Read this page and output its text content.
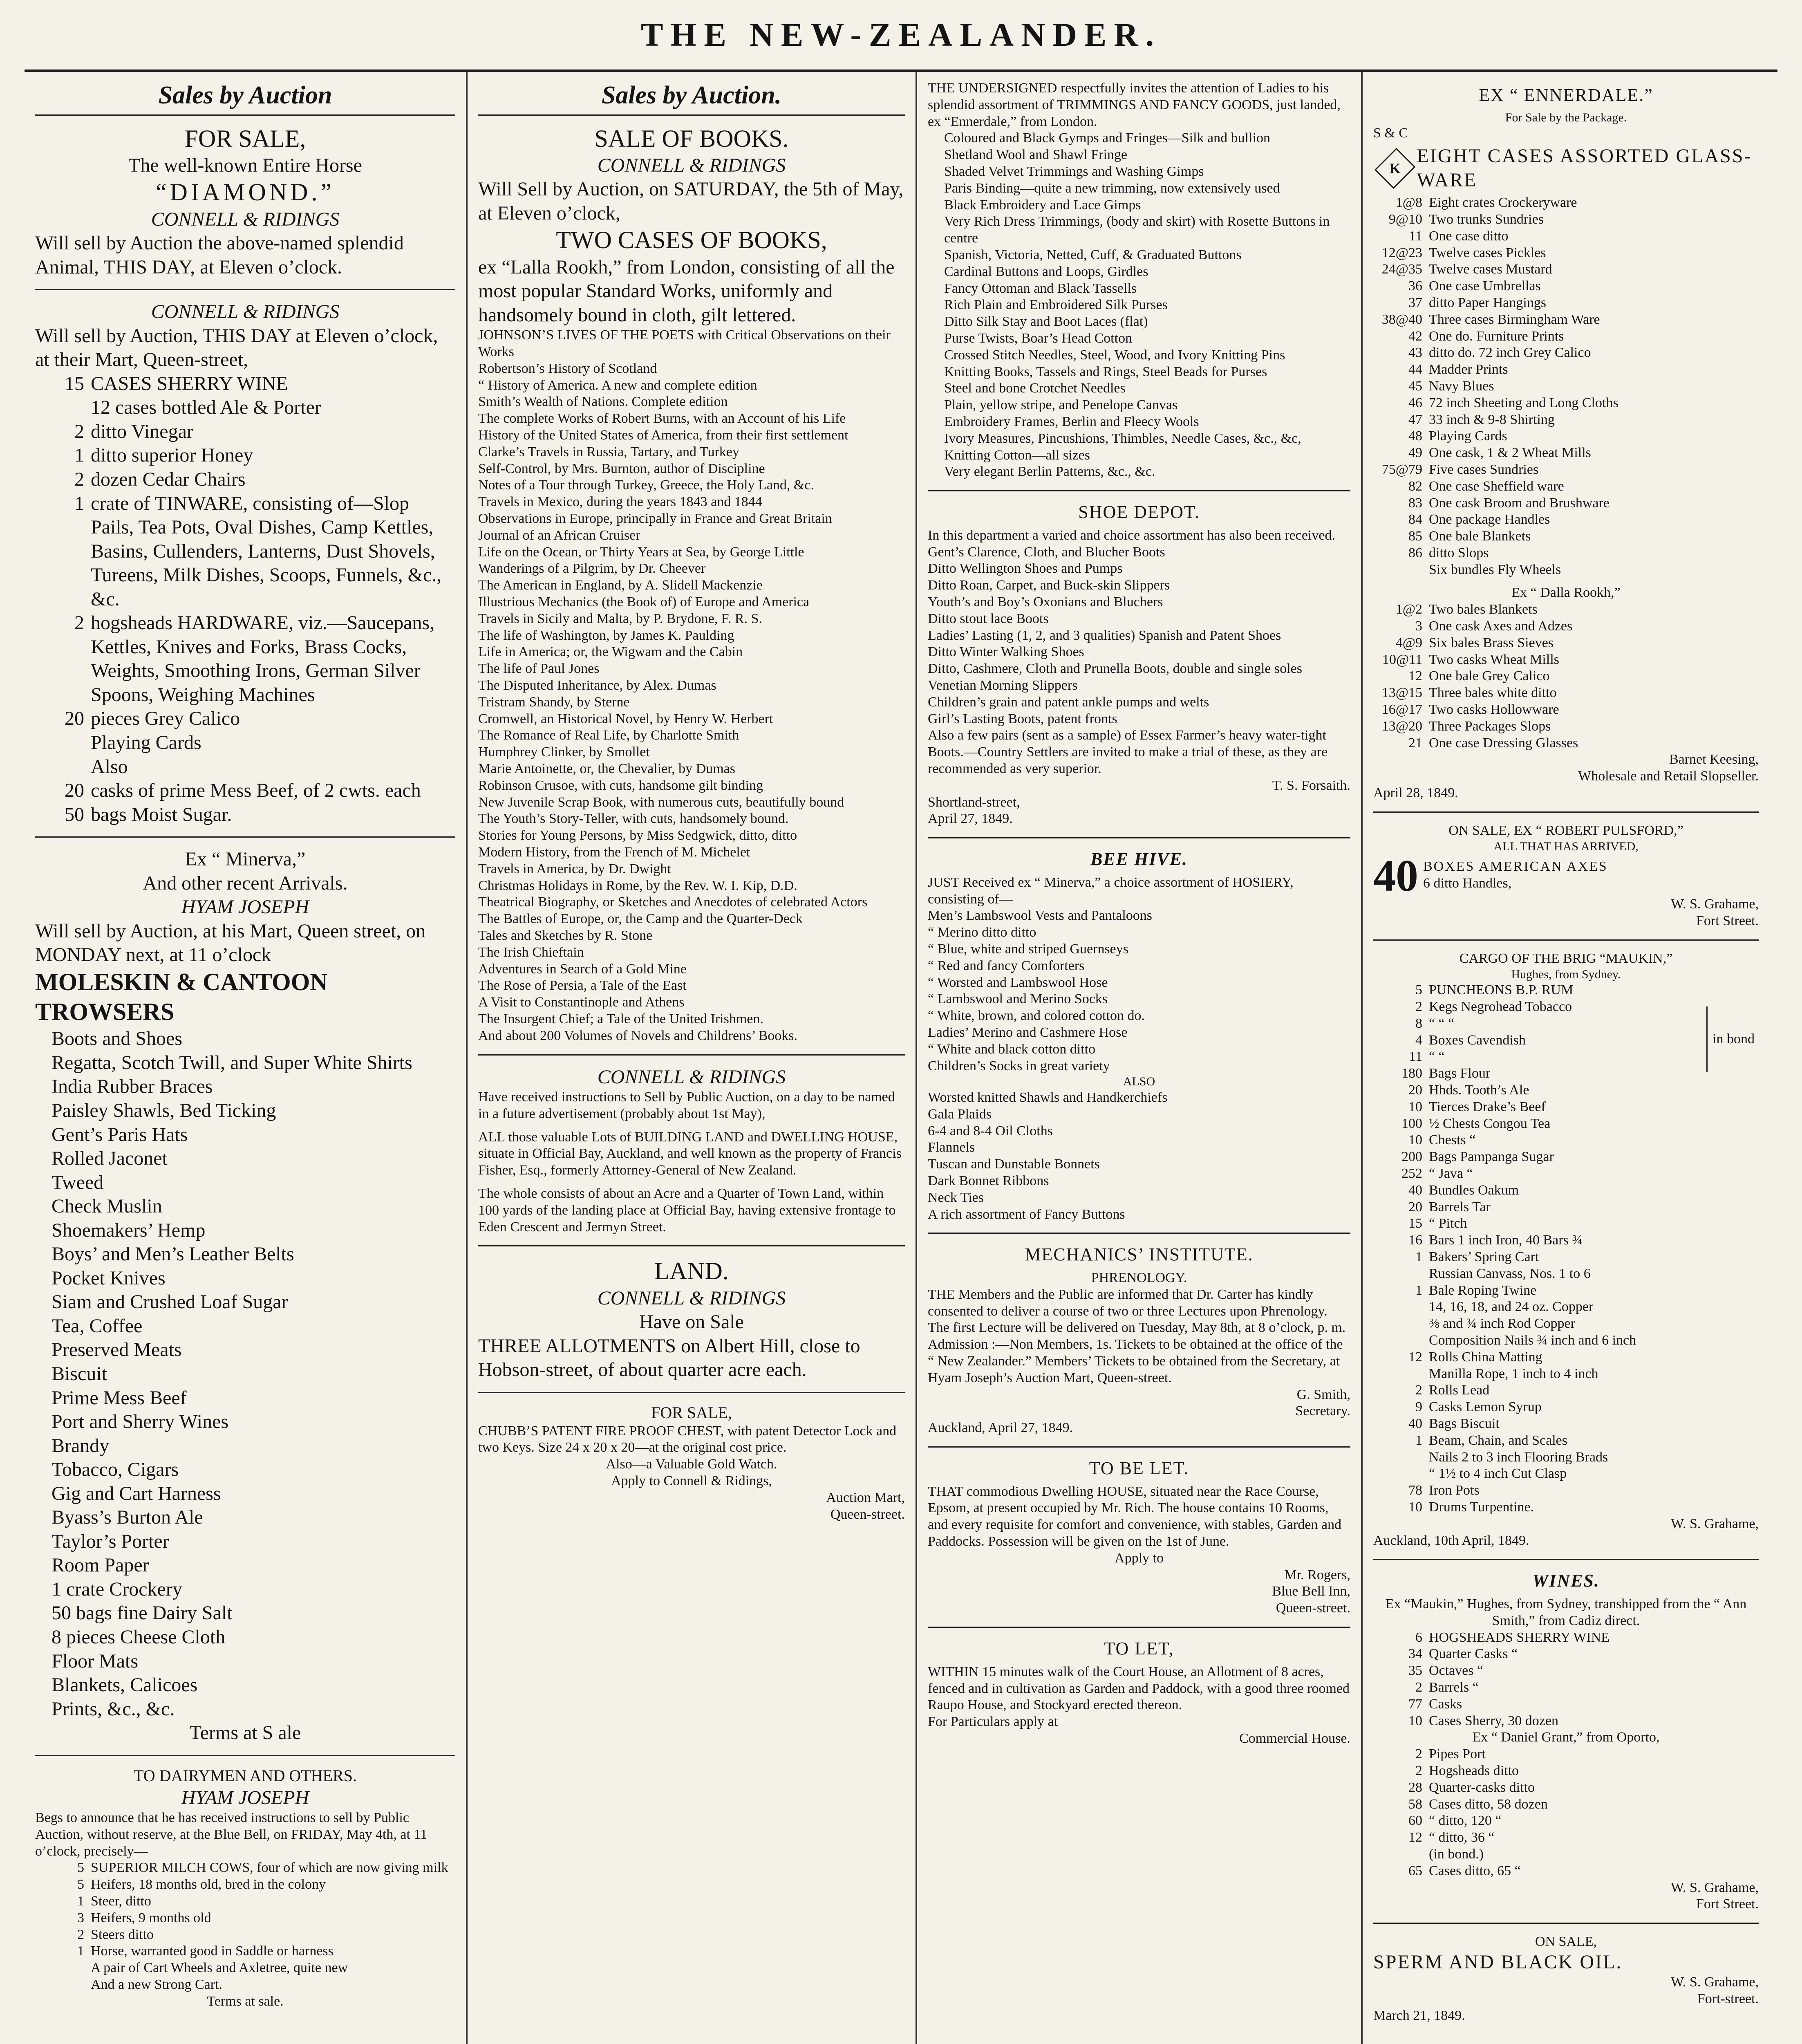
THE NEW-ZEALANDER.
Sales by Auction
FOR SALE,
The well-known Entire Horse
“DIAMOND.”
CONNELL & RIDINGS
Will sell by Auction the above-named splendid Animal, THIS DAY, at Eleven o’clock.
CONNELL & RIDINGS
Will sell by Auction, THIS DAY at Eleven o’clock, at their Mart, Queen-street,
15 CASES SHERRY WINE
12 cases bottled Ale & Porter
2 ditto Vinegar
1 ditto superior Honey
2 dozen Cedar Chairs
1 crate of TINWARE, consisting of—Slop Pails, Tea Pots, Oval Dishes, Camp Kettles, Basins, Cullenders, Lanterns, Dust Shovels, Tureens, Milk Dishes, Scoops, Funnels, &c., &c.
2 hogsheads HARDWARE, viz.—Saucepans, Kettles, Knives and Forks, Brass Cocks, Weights, Smoothing Irons, German Silver Spoons, Weighing Machines
20 pieces Grey Calico
Playing Cards
Also
20 casks of prime Mess Beef, of 2 cwts. each
50 bags Moist Sugar.
Ex “ Minerva,”
And other recent Arrivals.
HYAM JOSEPH
Will sell by Auction, at his Mart, Queen street, on MONDAY next, at 11 o’clock
MOLESKIN & CANTOON TROWSERS
Boots and Shoes
Regatta, Scotch Twill, and Super White Shirts
India Rubber Braces
Paisley Shawls, Bed Ticking
Gent’s Paris Hats
Rolled Jaconet
Tweed
Check Muslin
Shoemakers’ Hemp
Boys’ and Men’s Leather Belts
Pocket Knives
Siam and Crushed Loaf Sugar
Tea, Coffee
Preserved Meats
Biscuit
Prime Mess Beef
Port and Sherry Wines
Brandy
Tobacco, Cigars
Gig and Cart Harness
Byass’s Burton Ale
Taylor’s Porter
Room Paper
1 crate Crockery
50 bags fine Dairy Salt
8 pieces Cheese Cloth
Floor Mats
Blankets, Calicoes
Prints, &c., &c.
Terms at S ale
TO DAIRYMEN AND OTHERS.
HYAM JOSEPH
Begs to announce that he has received instructions to sell by Public Auction, without reserve, at the Blue Bell, on FRIDAY, May 4th, at 11 o’clock, precisely—
5 SUPERIOR MILCH COWS, four of which are now giving milk
5 Heifers, 18 months old, bred in the colony
1 Steer, ditto
3 Heifers, 9 months old
2 Steers ditto
1 Horse, warranted good in Saddle or harness
A pair of Cart Wheels and Axletree, quite new
And a new Strong Cart.
Terms at sale.
Sales by Auction.
SALE OF BOOKS.
CONNELL & RIDINGS
Will Sell by Auction, on SATURDAY, the 5th of May, at Eleven o’clock,
TWO CASES OF BOOKS,
ex “Lalla Rookh,” from London, consisting of all the most popular Standard Works, uniformly and handsomely bound in cloth, gilt lettered.
JOHNSON’S LIVES OF THE POETS with Critical Observations on their Works
Robertson’s History of Scotland
“ History of America. A new and complete edition
Smith’s Wealth of Nations. Complete edition
The complete Works of Robert Burns, with an Account of his Life
History of the United States of America, from their first settlement
Clarke’s Travels in Russia, Tartary, and Turkey
Self-Control, by Mrs. Burnton, author of Discipline
Notes of a Tour through Turkey, Greece, the Holy Land, &c.
Travels in Mexico, during the years 1843 and 1844
Observations in Europe, principally in France and Great Britain
Journal of an African Cruiser
Life on the Ocean, or Thirty Years at Sea, by George Little
Wanderings of a Pilgrim, by Dr. Cheever
The American in England, by A. Slidell Mackenzie
Illustrious Mechanics (the Book of) of Europe and America
Travels in Sicily and Malta, by P. Brydone, F. R. S.
The life of Washington, by James K. Paulding
Life in America; or, the Wigwam and the Cabin
The life of Paul Jones
The Disputed Inheritance, by Alex. Dumas
Tristram Shandy, by Sterne
Cromwell, an Historical Novel, by Henry W. Herbert
The Romance of Real Life, by Charlotte Smith
Humphrey Clinker, by Smollet
Marie Antoinette, or, the Chevalier, by Dumas
Robinson Crusoe, with cuts, handsome gilt binding
New Juvenile Scrap Book, with numerous cuts, beautifully bound
The Youth’s Story-Teller, with cuts, handsomely bound.
Stories for Young Persons, by Miss Sedgwick, ditto, ditto
Modern History, from the French of M. Michelet
Travels in America, by Dr. Dwight
Christmas Holidays in Rome, by the Rev. W. I. Kip, D.D.
Theatrical Biography, or Sketches and Anecdotes of celebrated Actors
The Battles of Europe, or, the Camp and the Quarter-Deck
Tales and Sketches by R. Stone
The Irish Chieftain
Adventures in Search of a Gold Mine
The Rose of Persia, a Tale of the East
A Visit to Constantinople and Athens
The Insurgent Chief; a Tale of the United Irishmen.
And about 200 Volumes of Novels and Childrens’ Books.
CONNELL & RIDINGS
Have received instructions to Sell by Public Auction, on a day to be named in a future advertisement (probably about 1st May),
ALL those valuable Lots of BUILDING LAND and DWELLING HOUSE, situate in Official Bay, Auckland, and well known as the property of Francis Fisher, Esq., formerly Attorney-General of New Zealand.
The whole consists of about an Acre and a Quarter of Town Land, within 100 yards of the landing place at Official Bay, having extensive frontage to Eden Crescent and Jermyn Street.
LAND.
CONNELL & RIDINGS
Have on Sale
THREE ALLOTMENTS on Albert Hill, close to Hobson-street, of about quarter acre each.
FOR SALE,
CHUBB’S PATENT FIRE PROOF CHEST, with patent Detector Lock and two Keys. Size 24 x 20 x 20—at the original cost price.
Also—a Valuable Gold Watch.
Apply to Connell & Ridings,
Auction Mart,
Queen-street.
THE UNDERSIGNED respectfully invites the attention of Ladies to his splendid assortment of TRIMMINGS AND FANCY GOODS, just landed, ex “Ennerdale,” from London.
Coloured and Black Gymps and Fringes—Silk and bullion
Shetland Wool and Shawl Fringe
Shaded Velvet Trimmings and Washing Gimps
Paris Binding—quite a new trimming, now extensively used
Black Embroidery and Lace Gimps
Very Rich Dress Trimmings, (body and skirt) with Rosette Buttons in centre
Spanish, Victoria, Netted, Cuff, & Graduated Buttons
Cardinal Buttons and Loops, Girdles
Fancy Ottoman and Black Tassells
Rich Plain and Embroidered Silk Purses
Ditto Silk Stay and Boot Laces (flat)
Purse Twists, Boar’s Head Cotton
Crossed Stitch Needles, Steel, Wood, and Ivory Knitting Pins
Knitting Books, Tassels and Rings, Steel Beads for Purses
Steel and bone Crotchet Needles
Plain, yellow stripe, and Penelope Canvas
Embroidery Frames, Berlin and Fleecy Wools
Ivory Measures, Pincushions, Thimbles, Needle Cases, &c., &c,
Knitting Cotton—all sizes
Very elegant Berlin Patterns, &c., &c.
SHOE DEPOT.
In this department a varied and choice assortment has also been received.
Gent’s Clarence, Cloth, and Blucher Boots
Ditto Wellington Shoes and Pumps
Ditto Roan, Carpet, and Buck-skin Slippers
Youth’s and Boy’s Oxonians and Bluchers
Ditto stout lace Boots
Ladies’ Lasting (1, 2, and 3 qualities) Spanish and Patent Shoes
Ditto Winter Walking Shoes
Ditto, Cashmere, Cloth and Prunella Boots, double and single soles
Venetian Morning Slippers
Children’s grain and patent ankle pumps and welts
Girl’s Lasting Boots, patent fronts
Also a few pairs (sent as a sample) of Essex Farmer’s heavy water-tight Boots.—Country Settlers are invited to make a trial of these, as they are recommended as very superior.
T. S. Forsaith.
Shortland-street,
April 27, 1849.
BEE HIVE.
JUST Received ex “ Minerva,” a choice assortment of HOSIERY, consisting of—
Men’s Lambswool Vests and Pantaloons
“ Merino ditto ditto
“ Blue, white and striped Guernseys
“ Red and fancy Comforters
“ Worsted and Lambswool Hose
“ Lambswool and Merino Socks
“ White, brown, and colored cotton do.
Ladies’ Merino and Cashmere Hose
“ White and black cotton ditto
Children’s Socks in great variety
ALSO
Worsted knitted Shawls and Handkerchiefs
Gala Plaids
6-4 and 8-4 Oil Cloths
Flannels
Tuscan and Dunstable Bonnets
Dark Bonnet Ribbons
Neck Ties
A rich assortment of Fancy Buttons
MECHANICS’ INSTITUTE.
PHRENOLOGY.
THE Members and the Public are informed that Dr. Carter has kindly consented to deliver a course of two or three Lectures upon Phrenology.
The first Lecture will be delivered on Tuesday, May 8th, at 8 o’clock, p. m.
Admission :—Non Members, 1s. Tickets to be obtained at the office of the “ New Zealander.” Members’ Tickets to be obtained from the Secretary, at Hyam Joseph’s Auction Mart, Queen-street.
G. Smith,
Secretary.
Auckland, April 27, 1849.
TO BE LET.
THAT commodious Dwelling HOUSE, situated near the Race Course, Epsom, at present occupied by Mr. Rich. The house contains 10 Rooms, and every requisite for comfort and convenience, with stables, Garden and Paddocks. Possession will be given on the 1st of June.
Apply to
Mr. Rogers,
Blue Bell Inn,
Queen-street.
TO LET,
WITHIN 15 minutes walk of the Court House, an Allotment of 8 acres, fenced and in cultivation as Garden and Paddock, with a good three roomed Raupo House, and Stockyard erected thereon.
For Particulars apply at
Commercial House.
EX “ ENNERDALE.”
For Sale by the Package.
S & C
K
EIGHT CASES ASSORTED GLASS-WARE
1@8 Eight crates Crockeryware
9@10 Two trunks Sundries
11 One case ditto
12@23 Twelve cases Pickles
24@35 Twelve cases Mustard
36 One case Umbrellas
37 ditto Paper Hangings
38@40 Three cases Birmingham Ware
42 One do. Furniture Prints
43 ditto do. 72 inch Grey Calico
44 Madder Prints
45 Navy Blues
46 72 inch Sheeting and Long Cloths
47 33 inch & 9-8 Shirting
48 Playing Cards
49 One cask, 1 & 2 Wheat Mills
75@79 Five cases Sundries
82 One case Sheffield ware
83 One cask Broom and Brushware
84 One package Handles
85 One bale Blankets
86 ditto Slops
Six bundles Fly Wheels
Ex “ Dalla Rookh,”
1@2 Two bales Blankets
3 One cask Axes and Adzes
4@9 Six bales Brass Sieves
10@11 Two casks Wheat Mills
12 One bale Grey Calico
13@15 Three bales white ditto
16@17 Two casks Hollowware
13@20 Three Packages Slops
21 One case Dressing Glasses
Barnet Keesing,
Wholesale and Retail Slopseller.
April 28, 1849.
ON SALE, EX “ ROBERT PULSFORD,”
ALL THAT HAS ARRIVED,
40 BOXES AMERICAN AXES
6 ditto Handles,
W. S. Grahame,
Fort Street.
CARGO OF THE BRIG “MAUKIN,”
Hughes, from Sydney.
5 PUNCHEONS B.P. RUM
2 Kegs Negrohead Tobacco
8 “ “ “
4 Boxes Cavendish
11 “ “
180 Bags Flour
20 Hhds. Tooth’s Ale
10 Tierces Drake’s Beef
100 ½ Chests Congou Tea
10 Chests “
200 Bags Pampanga Sugar
252 “ Java “
40 Bundles Oakum
20 Barrels Tar
15 “ Pitch
16 Bars 1 inch Iron, 40 Bars ¾
1 Bakers’ Spring Cart
Russian Canvass, Nos. 1 to 6
1 Bale Roping Twine
14, 16, 18, and 24 oz. Copper
⅜ and ¾ inch Rod Copper
Composition Nails ¾ inch and 6 inch
12 Rolls China Matting
Manilla Rope, 1 inch to 4 inch
2 Rolls Lead
9 Casks Lemon Syrup
40 Bags Biscuit
1 Beam, Chain, and Scales
Nails 2 to 3 inch Flooring Brads
“ 1½ to 4 inch Cut Clasp
78 Iron Pots
10 Drums Turpentine.
in bond
W. S. Grahame,
Auckland, 10th April, 1849.
WINES.
Ex “Maukin,” Hughes, from Sydney, transhipped from the “ Ann Smith,” from Cadiz direct.
6 HOGSHEADS SHERRY WINE
34 Quarter Casks “
35 Octaves “
2 Barrels “
77 Casks
10 Cases Sherry, 30 dozen
Ex “ Daniel Grant,” from Oporto,
2 Pipes Port
2 Hogsheads ditto
28 Quarter-casks ditto
58 Cases ditto, 58 dozen
60 “ ditto, 120 “
12 “ ditto, 36 “
(in bond.)
65 Cases ditto, 65 “
W. S. Grahame,
Fort Street.
ON SALE,
SPERM AND BLACK OIL.
W. S. Grahame,
Fort-street.
March 21, 1849.
